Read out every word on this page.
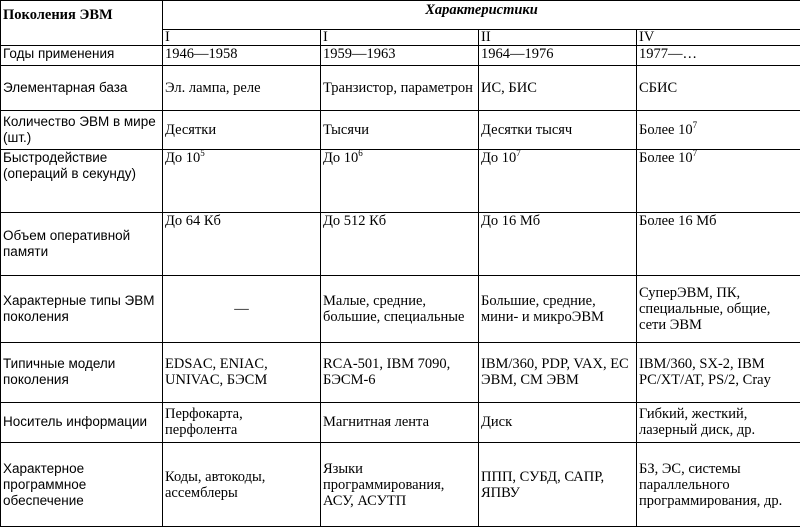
Поколения ЭВМ	Характеристики			
	I	I	II	IV
Годы применения	1946—1958	1959—1963	1964—1976	1977—…
Элементарная база	Эл. лампа, реле	Транзистор, параметрон	ИС, БИС	СБИС
Количество ЭВМ в мире (шт.)	Десятки	Тысячи	Десятки тысяч	Более $10^7$
Быстродействие (операций в секунду)	До $10^5$	До $10^6$	До $10^7$	Более $10^7$
Объем оперативной памяти	До 64 Кб	До 512 Кб	До 16 Мб	Более 16 Мб
Характерные типы ЭВМ поколения	—	Малые, средние, большие, специальные	Большие, средние, мини- и микроЭВМ	СуперЭВМ, ПК, специальные, общие, сети ЭВМ
Типичные модели поколения	EDSAC, ENIAC, UNIVAC, БЭСМ	RCA-501, IBM 7090, БЭСМ-6	IBM/360, PDP, VAX, ЕС ЭВМ, СМ ЭВМ	IBM/360, SX-2, IBM PC/XT/AT, PS/2, Cray
Носитель информации	Перфокарта, перфолента	Магнитная лента	Диск	Гибкий, жесткий, лазерный диск, др.
Характерное программное обеспечение	Коды, автокоды, ассемблеры	Языки программирования, АСУ, АСУТП	ППП, СУБД, САПР, ЯПВУ	БЗ, ЭС, системы параллельного программирования, др.
